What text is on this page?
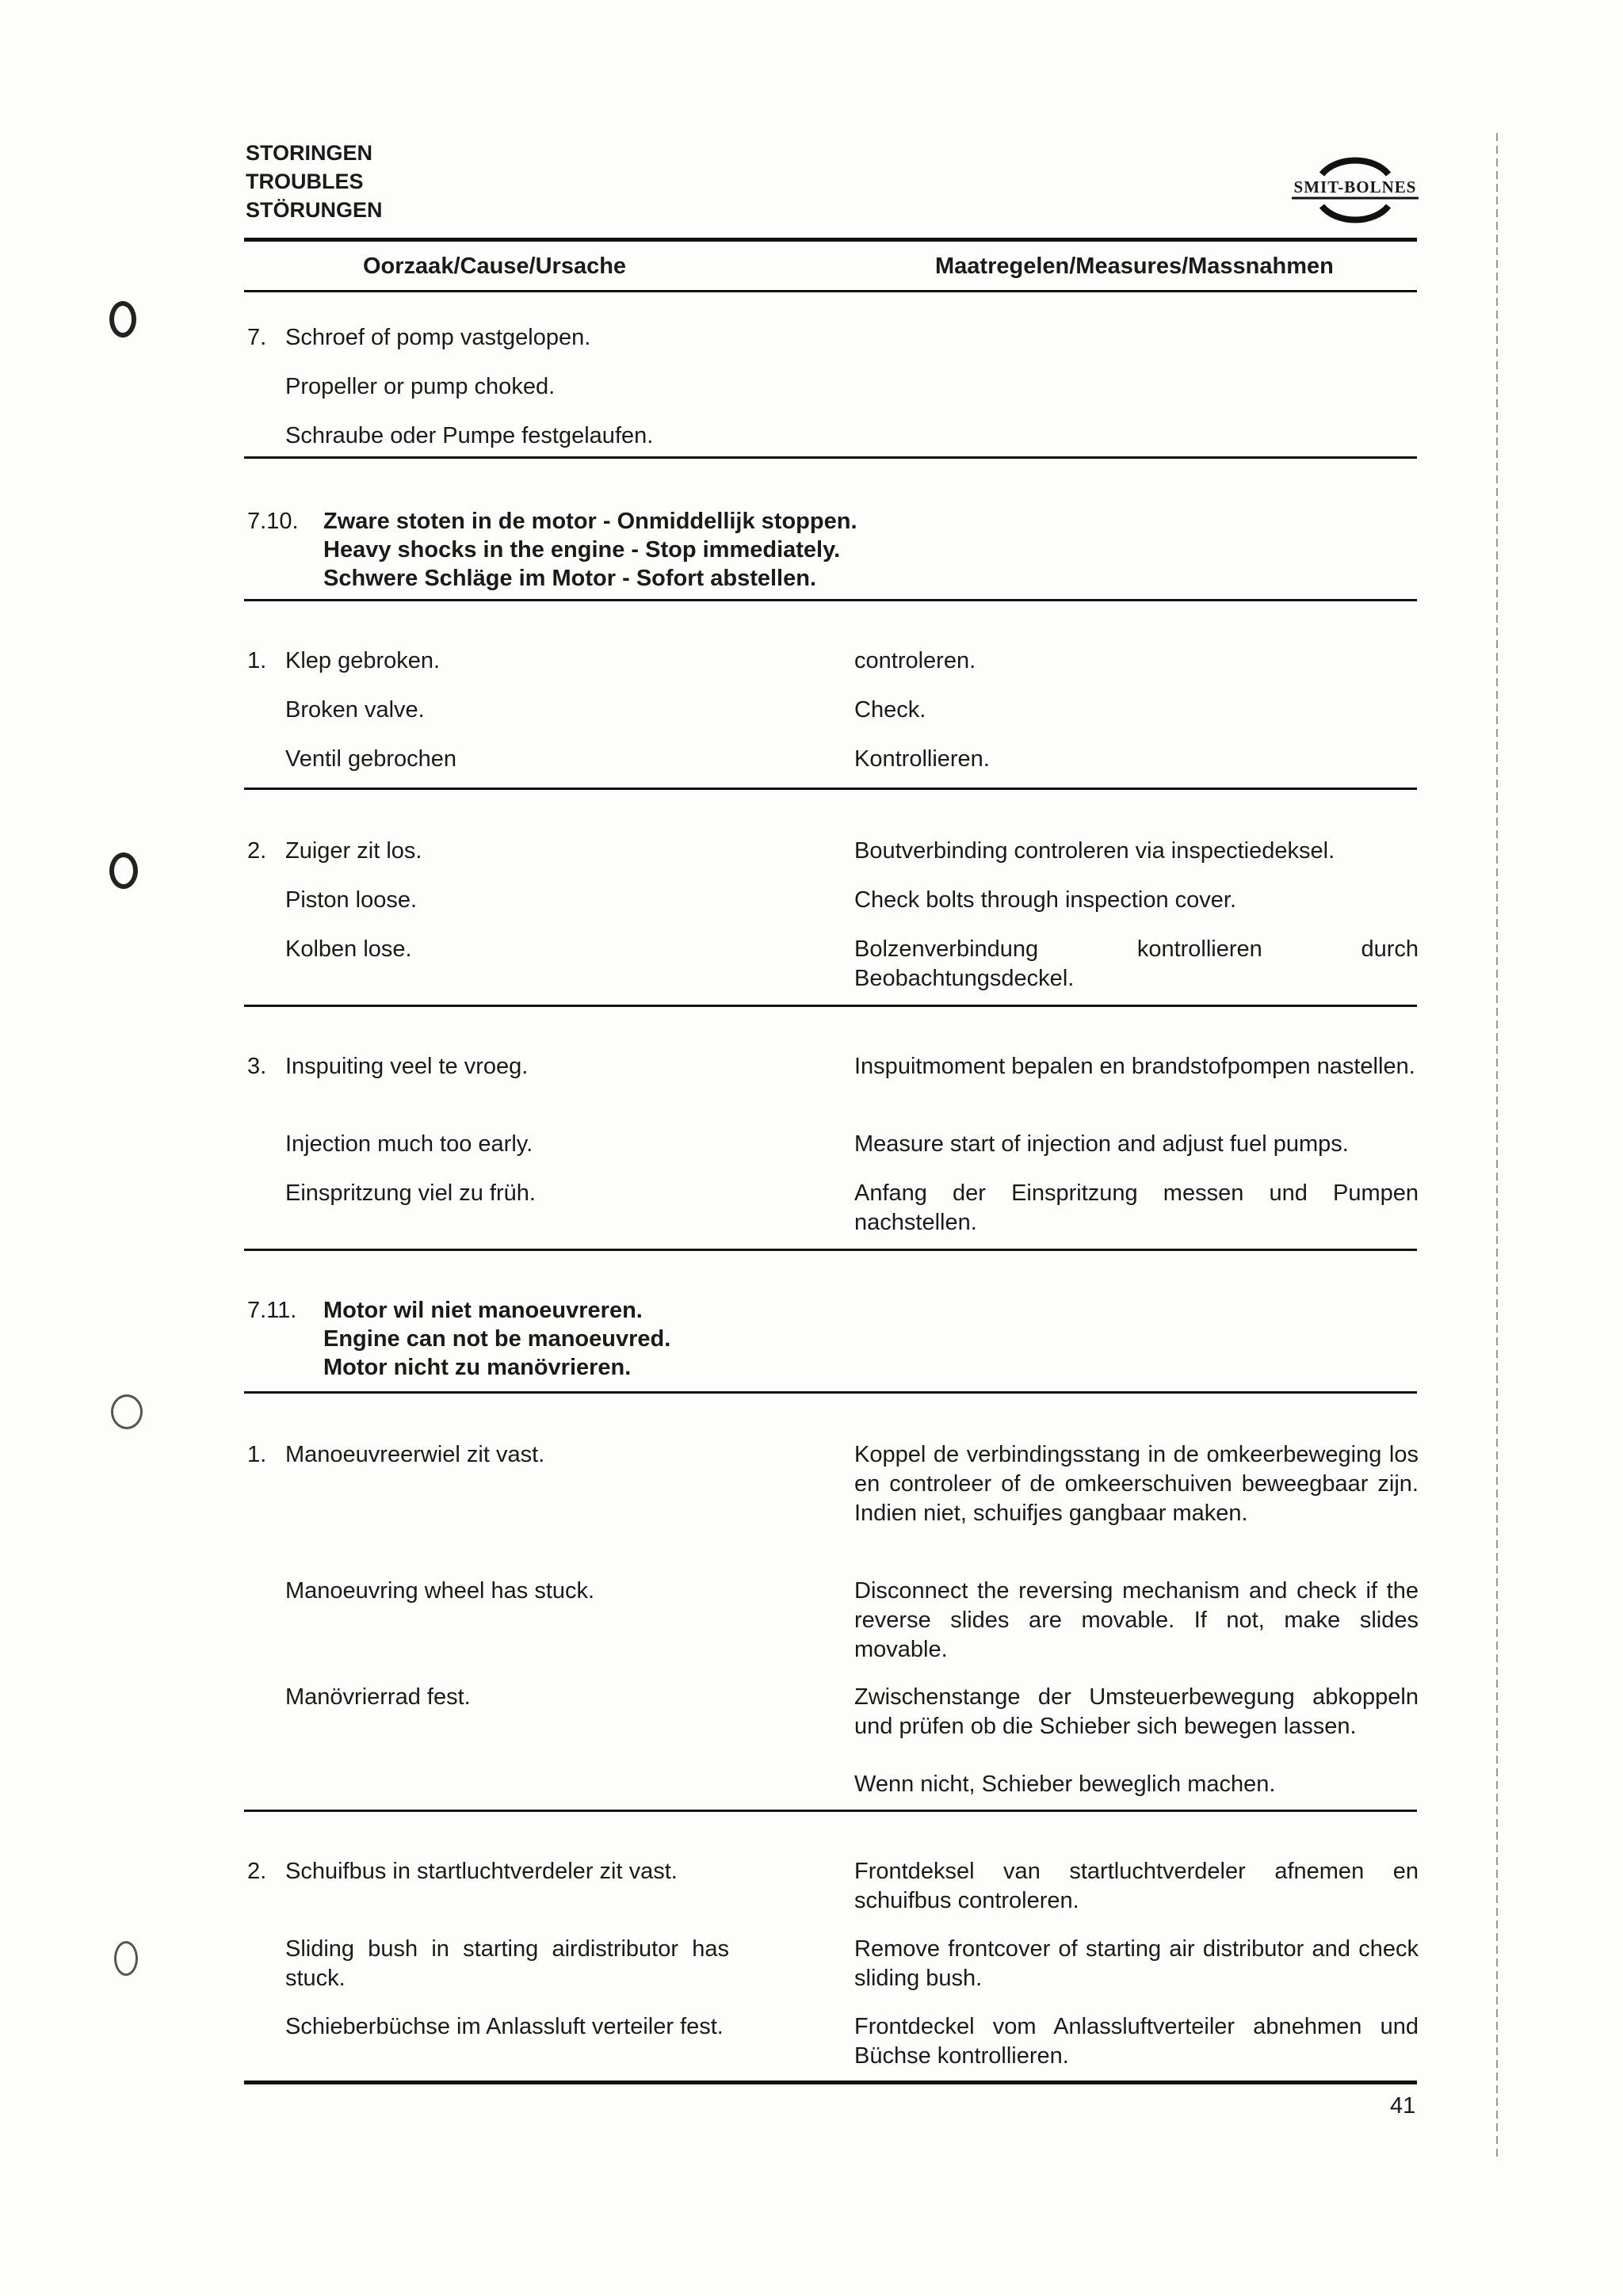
STORINGEN
TROUBLES
STÖRUNGEN
SMIT-BOLNES
Oorzaak/Cause/Ursache	Maatregelen/Measures/Massnahmen
7. Schroef of pomp vastgelopen.
Propeller or pump choked.
Schraube oder Pumpe festgelaufen.
7.10. Zware stoten in de motor - Onmiddellijk stoppen.
Heavy shocks in the engine - Stop immediately.
Schwere Schläge im Motor - Sofort abstellen.
1. Klep gebroken.
Broken valve.
Ventil gebrochen
controleren.
Check.
Kontrollieren.
2. Zuiger zit los.
Piston loose.
Kolben lose.
Boutverbinding controleren via inspectiedeksel.
Check bolts through inspection cover.
Bolzenverbindung kontrollieren durch Beobachtungsdeckel.
3. Inspuiting veel te vroeg.
Injection much too early.
Einspritzung viel zu früh.
Inspuitmoment bepalen en brandstofpompen nastellen.
Measure start of injection and adjust fuel pumps.
Anfang der Einspritzung messen und Pumpen nachstellen.
7.11. Motor wil niet manoeuvreren.
Engine can not be manoeuvred.
Motor nicht zu manövrieren.
1. Manoeuvreerwiel zit vast.
Manoeuvring wheel has stuck.
Manövrierrad fest.
Koppel de verbindingsstang in de omkeerbeweging los en controleer of de omkeerschuiven beweegbaar zijn. Indien niet, schuifjes gangbaar maken.
Disconnect the reversing mechanism and check if the reverse slides are movable. If not, make slides movable.
Zwischenstange der Umsteuerbewegung abkoppeln und prüfen ob die Schieber sich bewegen lassen.
Wenn nicht, Schieber beweglich machen.
2. Schuifbus in startluchtverdeler zit vast.
Sliding bush in starting airdistributor has stuck.
Schieberbüchse im Anlassluft verteiler fest.
Frontdeksel van startluchtverdeler afnemen en schuifbus controleren.
Remove frontcover of starting air distributor and check sliding bush.
Frontdeckel vom Anlassluftverteiler abnehmen und Büchse kontrollieren.
41
